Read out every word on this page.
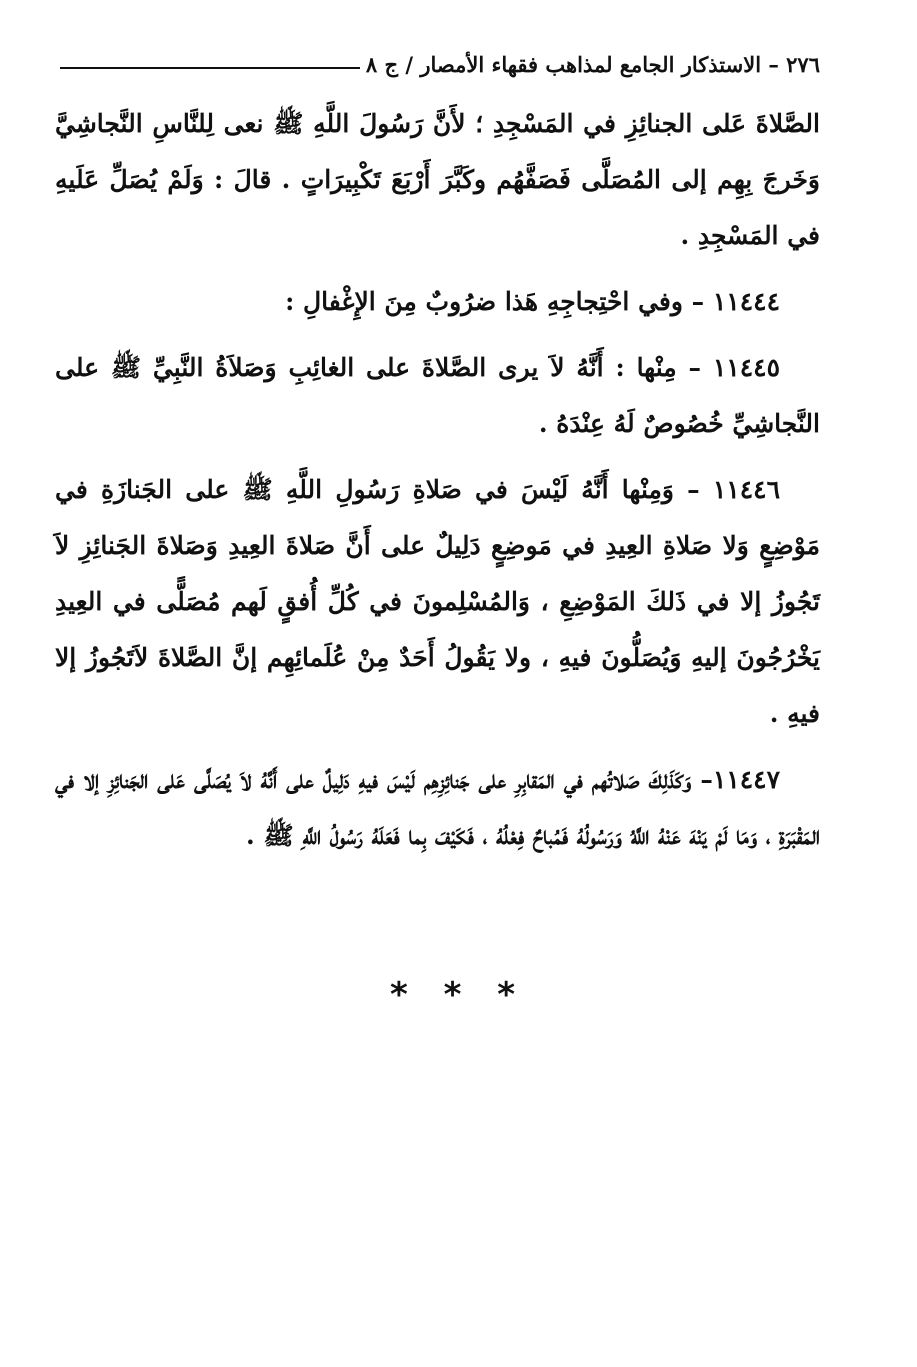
٢٧٦ – الاستذكار الجامع لمذاهب فقهاء الأمصار / ج ٨

الصَّلاةَ عَلى الجنائِزِ في المَسْجِدِ ؛ لأَنَّ رَسُولَ اللَّهِ ﷺ نعى لِلنَّاسِ النَّجاشِيَّ وَخَرجَ بِهِم إلى المُصَلَّى فَصَفَّهُم وكَبَّرَ أَرْبَعَ تَكْبِيرَاتٍ . قالَ : وَلَمْ يُصَلِّ عَلَيهِ في المَسْجِدِ .

١١٤٤٤ – وفي احْتِجاجِهِ هَذا ضرُوبٌ مِنَ الإِغْفالِ :

١١٤٤٥ – مِنْها : أَنَّهُ لاَ يرى الصَّلاةَ على الغائِبِ وَصَلاَةُ النَّبِيِّ ﷺ على النَّجاشِيِّ خُصُوصٌ لَهُ عِنْدَهُ .

١١٤٤٦ – وَمِنْها أَنَّهُ لَيْسَ في صَلاةِ رَسُولِ اللَّهِ ﷺ على الجَنازَةِ في مَوْضِعٍ وَلا صَلاةِ العِيدِ في مَوضِعٍ دَلِيلٌ على أَنَّ صَلاةَ العِيدِ وَصَلاةَ الجَنائِزِ لاَ تَجُوزُ إلا في ذَلكَ المَوْضِعِ ، وَالمُسْلِمونَ في كُلِّ أُفقٍ لَهم مُصَلًّى في العِيدِ يَخْرُجُونَ إليهِ وَيُصَلُّونَ فيهِ ، ولا يَقُولُ أَحَدٌ مِنْ عُلَمائِهِم إنَّ الصَّلاةَ لاَتَجُوزُ إلا فيهِ .

١١٤٤٧– وَكَذَلِكَ صَلاتُهم في المَقابِرِ على جَنائِزِهِم لَيْسَ فيهِ دَلِيلٌ على أَنَّهُ لاَ يُصَلَّى عَلى الجَنائِزِ إلا في المَقْبَرَةِ ، وَمَا لَمْ يَنْهَ عَنْهُ اللَّهُ وَرَسُولُهُ فَمُباحٌ فِعْلُهُ ، فَكَيْفَ بِما فَعَلَهُ رَسُولُ اللَّهِ ﷺ .

* * *
